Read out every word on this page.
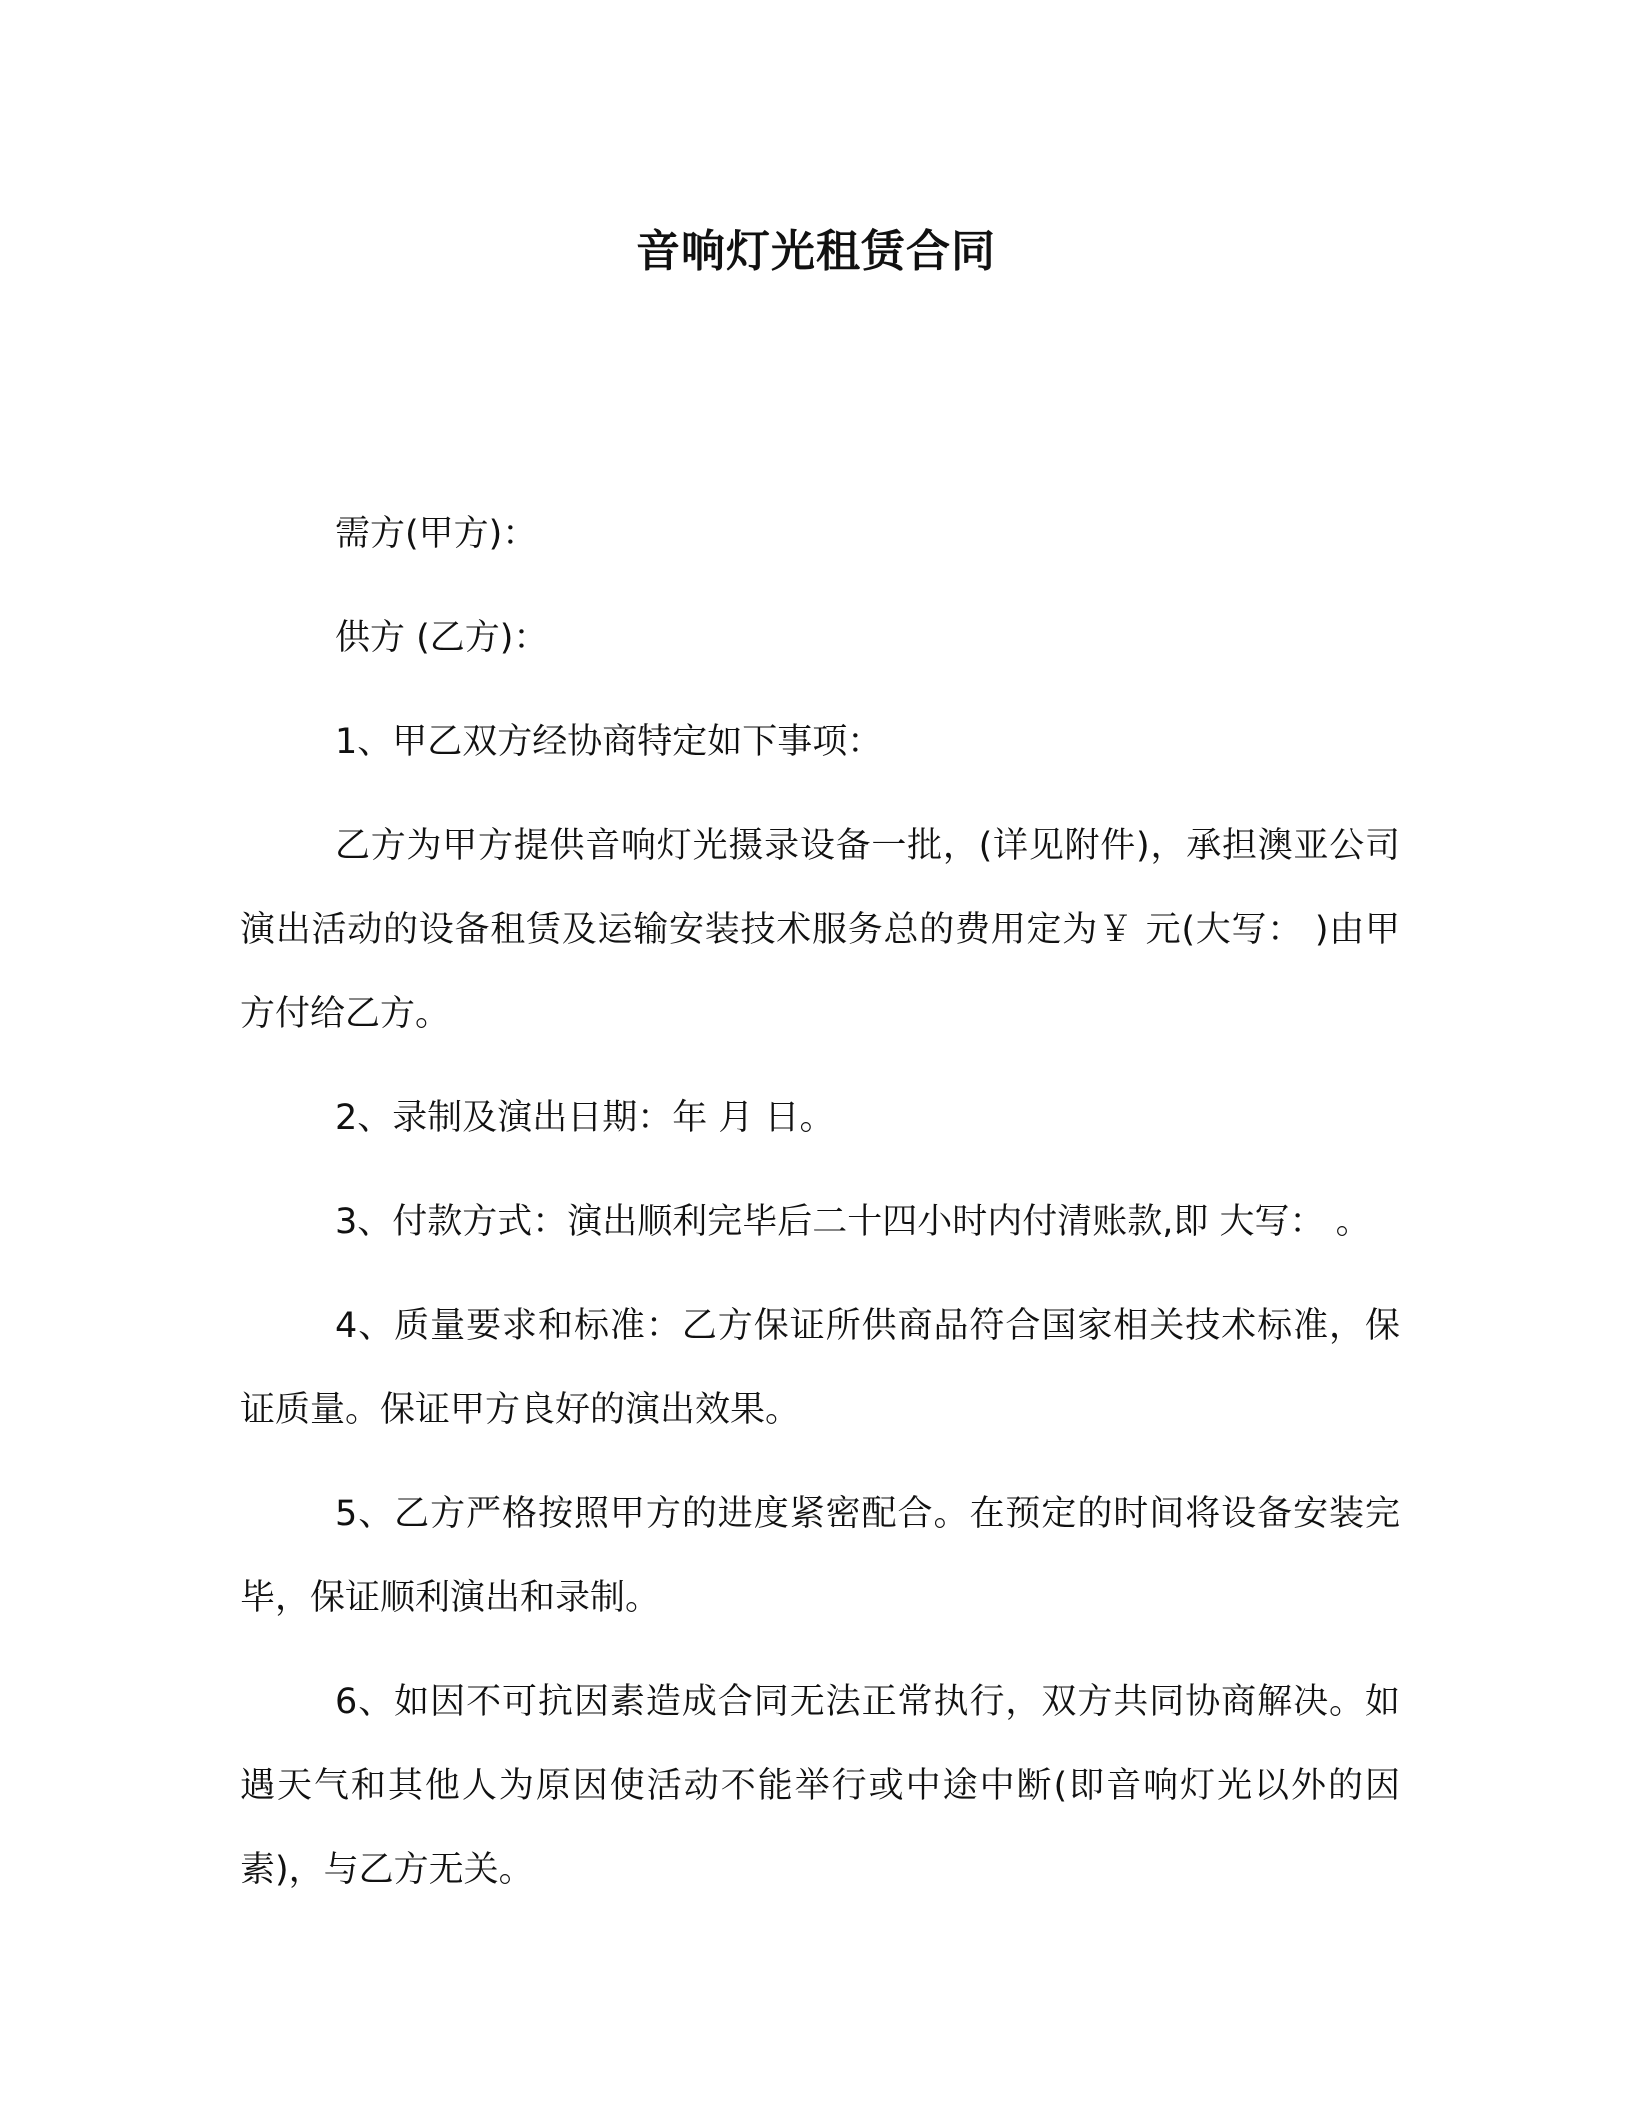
音响灯光租赁合同

需方(甲方)：

供方 (乙方)：

1、甲乙双方经协商特定如下事项：

乙方为甲方提供音响灯光摄录设备一批，(详见附件)，承担澳亚公司演出活动的设备租赁及运输安装技术服务总的费用定为￥ 元(大写： )由甲方付给乙方。

2、录制及演出日期：年 月 日。

3、付款方式：演出顺利完毕后二十四小时内付清账款,即 大写： 。

4、质量要求和标准：乙方保证所供商品符合国家相关技术标准，保证质量。保证甲方良好的演出效果。

5、乙方严格按照甲方的进度紧密配合。在预定的时间将设备安装完毕，保证顺利演出和录制。

6、如因不可抗因素造成合同无法正常执行，双方共同协商解决。如遇天气和其他人为原因使活动不能举行或中途中断(即音响灯光以外的因素)，与乙方无关。
